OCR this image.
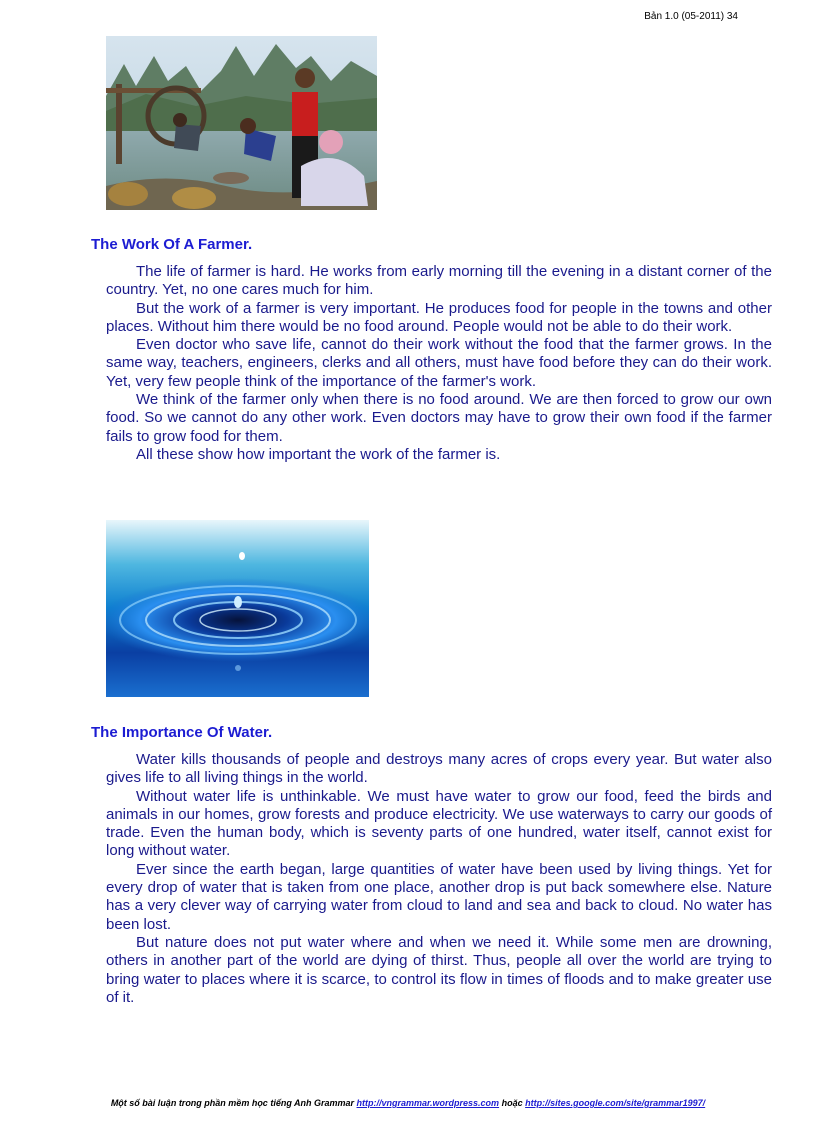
Bản 1.0 (05-2011) 34
The Work Of A Farmer.

The life of farmer is hard. He works from early morning till the evening in a distant corner of the country. Yet, no one cares much for him.

But the work of a farmer is very important. He produces food for people in the towns and other places. Without him there would be no food around. People would not be able to do their work.

Even doctor who save life, cannot do their work without the food that the farmer grows. In the same way, teachers, engineers, clerks and all others, must have food before they can do their work. Yet, very few people think of the importance of the farmer's work.

We think of the farmer only when there is no food around. We are then forced to grow our own food. So we cannot do any other work. Even doctors may have to grow their own food if the farmer fails to grow food for them.

All these show how important the work of the farmer is.

The Importance Of Water.

Water kills thousands of people and destroys many acres of crops every year. But water also gives life to all living things in the world.

Without water life is unthinkable. We must have water to grow our food, feed the birds and animals in our homes, grow forests and produce electricity. We use waterways to carry our goods of trade. Even the human body, which is seventy parts of one hundred, water itself, cannot exist for long without water.

Ever since the earth began, large quantities of water have been used by living things. Yet for every drop of water that is taken from one place, another drop is put back somewhere else. Nature has a very clever way of carrying water from cloud to land and sea and back to cloud. No water has been lost.

But nature does not put water where and when we need it. While some men are drowning, others in another part of the world are dying of thirst. Thus, people all over the world are trying to bring water to places where it is scarce, to control its flow in times of floods and to make greater use of it.

Một số bài luận trong phần mềm học tiếng Anh Grammar http://vngrammar.wordpress.com hoặc http://sites.google.com/site/grammar1997/
